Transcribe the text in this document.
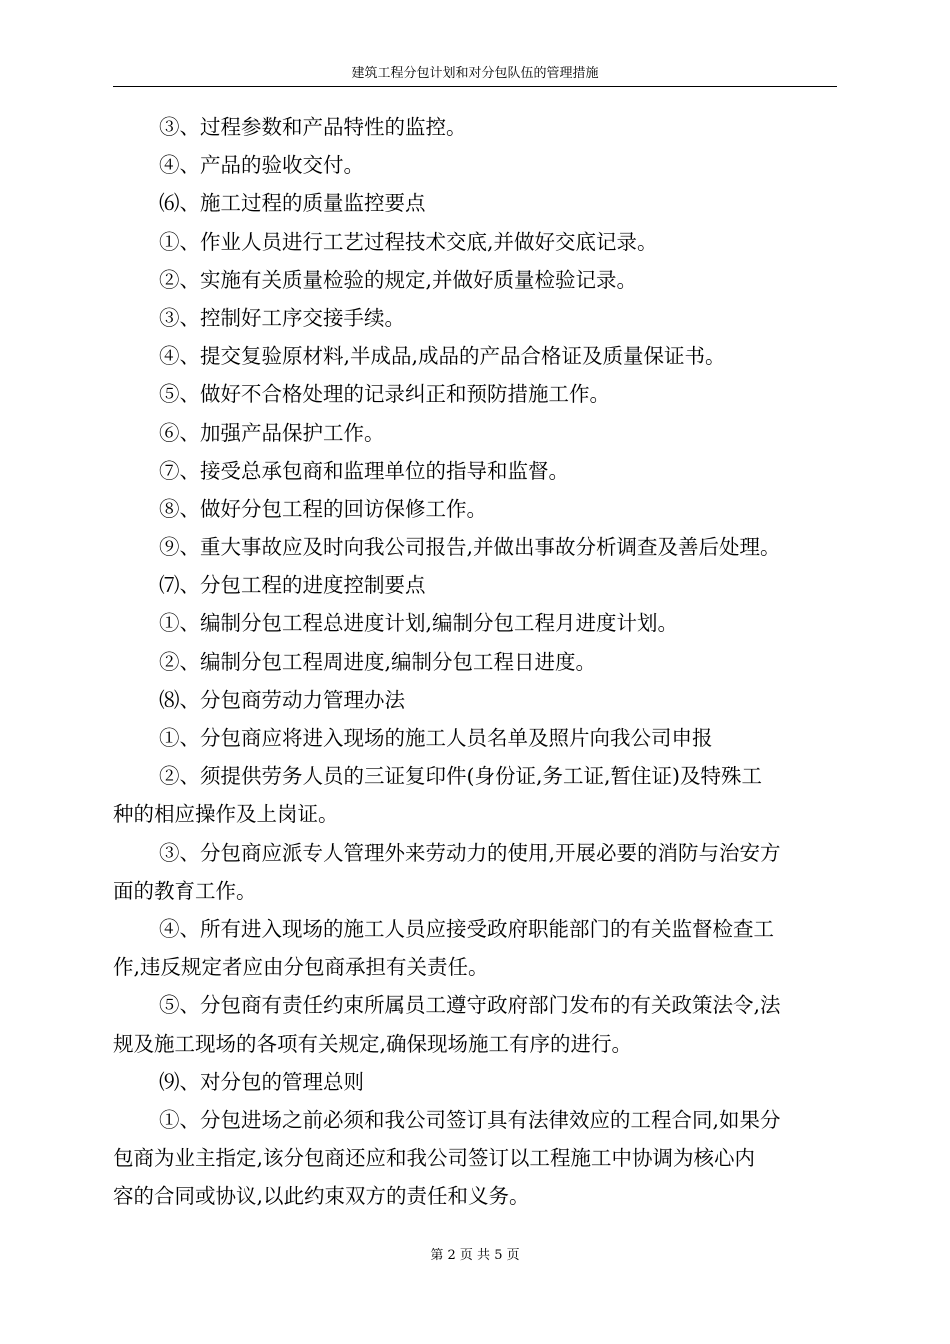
建筑工程分包计划和对分包队伍的管理措施
③、过程参数和产品特性的监控。
④、产品的验收交付。
⑹、施工过程的质量监控要点
①、作业人员进行工艺过程技术交底,并做好交底记录。
②、实施有关质量检验的规定,并做好质量检验记录。
③、控制好工序交接手续。
④、提交复验原材料,半成品,成品的产品合格证及质量保证书。
⑤、做好不合格处理的记录纠正和预防措施工作。
⑥、加强产品保护工作。
⑦、接受总承包商和监理单位的指导和监督。
⑧、做好分包工程的回访保修工作。
⑨、重大事故应及时向我公司报告,并做出事故分析调查及善后处理。
⑺、分包工程的进度控制要点
①、编制分包工程总进度计划,编制分包工程月进度计划。
②、编制分包工程周进度,编制分包工程日进度。
⑻、分包商劳动力管理办法
①、分包商应将进入现场的施工人员名单及照片向我公司申报
②、须提供劳务人员的三证复印件(身份证,务工证,暂住证)及特殊工
种的相应操作及上岗证。
③、分包商应派专人管理外来劳动力的使用,开展必要的消防与治安方
面的教育工作。
④、所有进入现场的施工人员应接受政府职能部门的有关监督检查工
作,违反规定者应由分包商承担有关责任。
⑤、分包商有责任约束所属员工遵守政府部门发布的有关政策法令,法
规及施工现场的各项有关规定,确保现场施工有序的进行。
⑼、对分包的管理总则
①、分包进场之前必须和我公司签订具有法律效应的工程合同,如果分
包商为业主指定,该分包商还应和我公司签订以工程施工中协调为核心内
容的合同或协议,以此约束双方的责任和义务。
第 2 页 共 5 页
